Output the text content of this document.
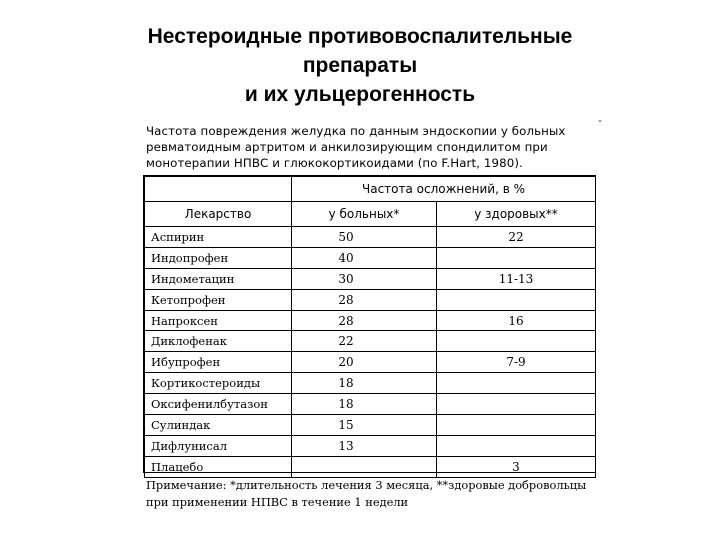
Нестероидные противовоспалительные
препараты
и их ульцерогенность
-
Частота повреждения желудка по данным эндоскопии у больных
ревматоидным артритом и анкилозирующим спондилитом при
монотерапии НПВС и глюкокортикоидами (по F.Hart, 1980).
	Частота осложнений, в %	
Лекарство	у больных*	у здоровых**
Аспирин	50	22
Индопрофен	40	
Индометацин	30	11-13
Кетопрофен	28	
Напроксен	28	16
Диклофенак	22	
Ибупрофен	20	7-9
Кортикостероиды	18	
Оксифенилбутазон	18	
Сулиндак	15	
Дифлунисал	13	
Плацебо		3
Примечание: *длительность лечения 3 месяца, **здоровые добровольцы
при применении НПВС в течение 1 недели
